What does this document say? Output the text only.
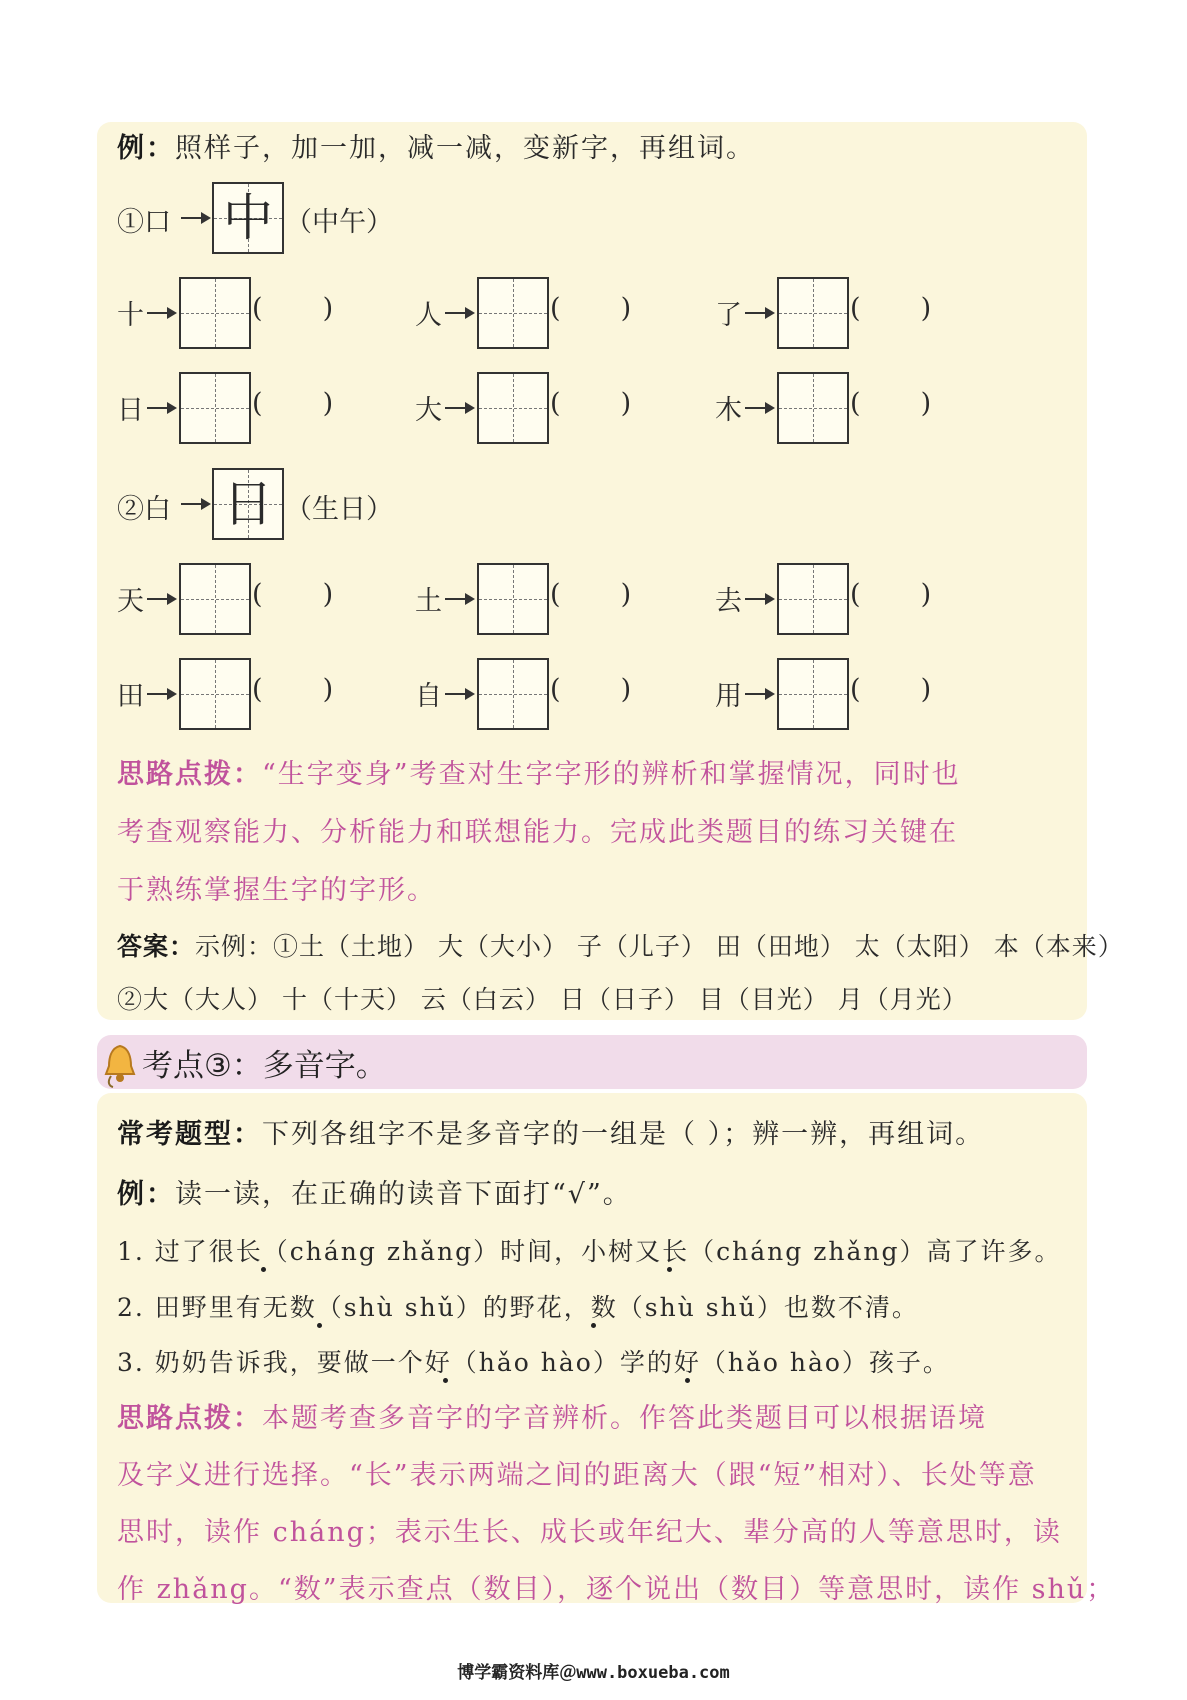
例：照样子，加一加，减一减，变新字，再组词。
①口 中 （中午）
十	(       )	人	(       )	了	(       )
日	(       )	大	(       )	木	(       )
②白 日 （生日）
天	(       )	土	(       )	去	(       )
田	(       )	自	(       )	用	(       )
思路点拨：“生字变身”考查对生字字形的辨析和掌握情况，同时也
考查观察能力、分析能力和联想能力。完成此类题目的练习关键在
于熟练掌握生字的字形。
答案：示例：①土（土地） 大（大小） 子（儿子） 田（田地） 太（太阳） 本（本来）
②大（大人） 十（十天） 云（白云） 日（日子） 目（目光） 月（月光）
考点③：多音字。
常考题型：下列各组字不是多音字的一组是（ ）；辨一辨，再组词。
例：读一读，在正确的读音下面打“√”。
1. 过了很长（cháng zhǎng）时间，小树又长（cháng zhǎng）高了许多。
2. 田野里有无数（shù shǔ）的野花，数（shù shǔ）也数不清。
3. 奶奶告诉我，要做一个好（hǎo hào）学的好（hǎo hào）孩子。
思路点拨：本题考查多音字的字音辨析。作答此类题目可以根据语境
及字义进行选择。“长”表示两端之间的距离大（跟“短”相对）、长处等意
思时，读作 cháng；表示生长、成长或年纪大、辈分高的人等意思时，读
作 zhǎng。“数”表示查点（数目），逐个说出（数目）等意思时，读作 shǔ；
博学霸资料库＠www.boxueba.com
